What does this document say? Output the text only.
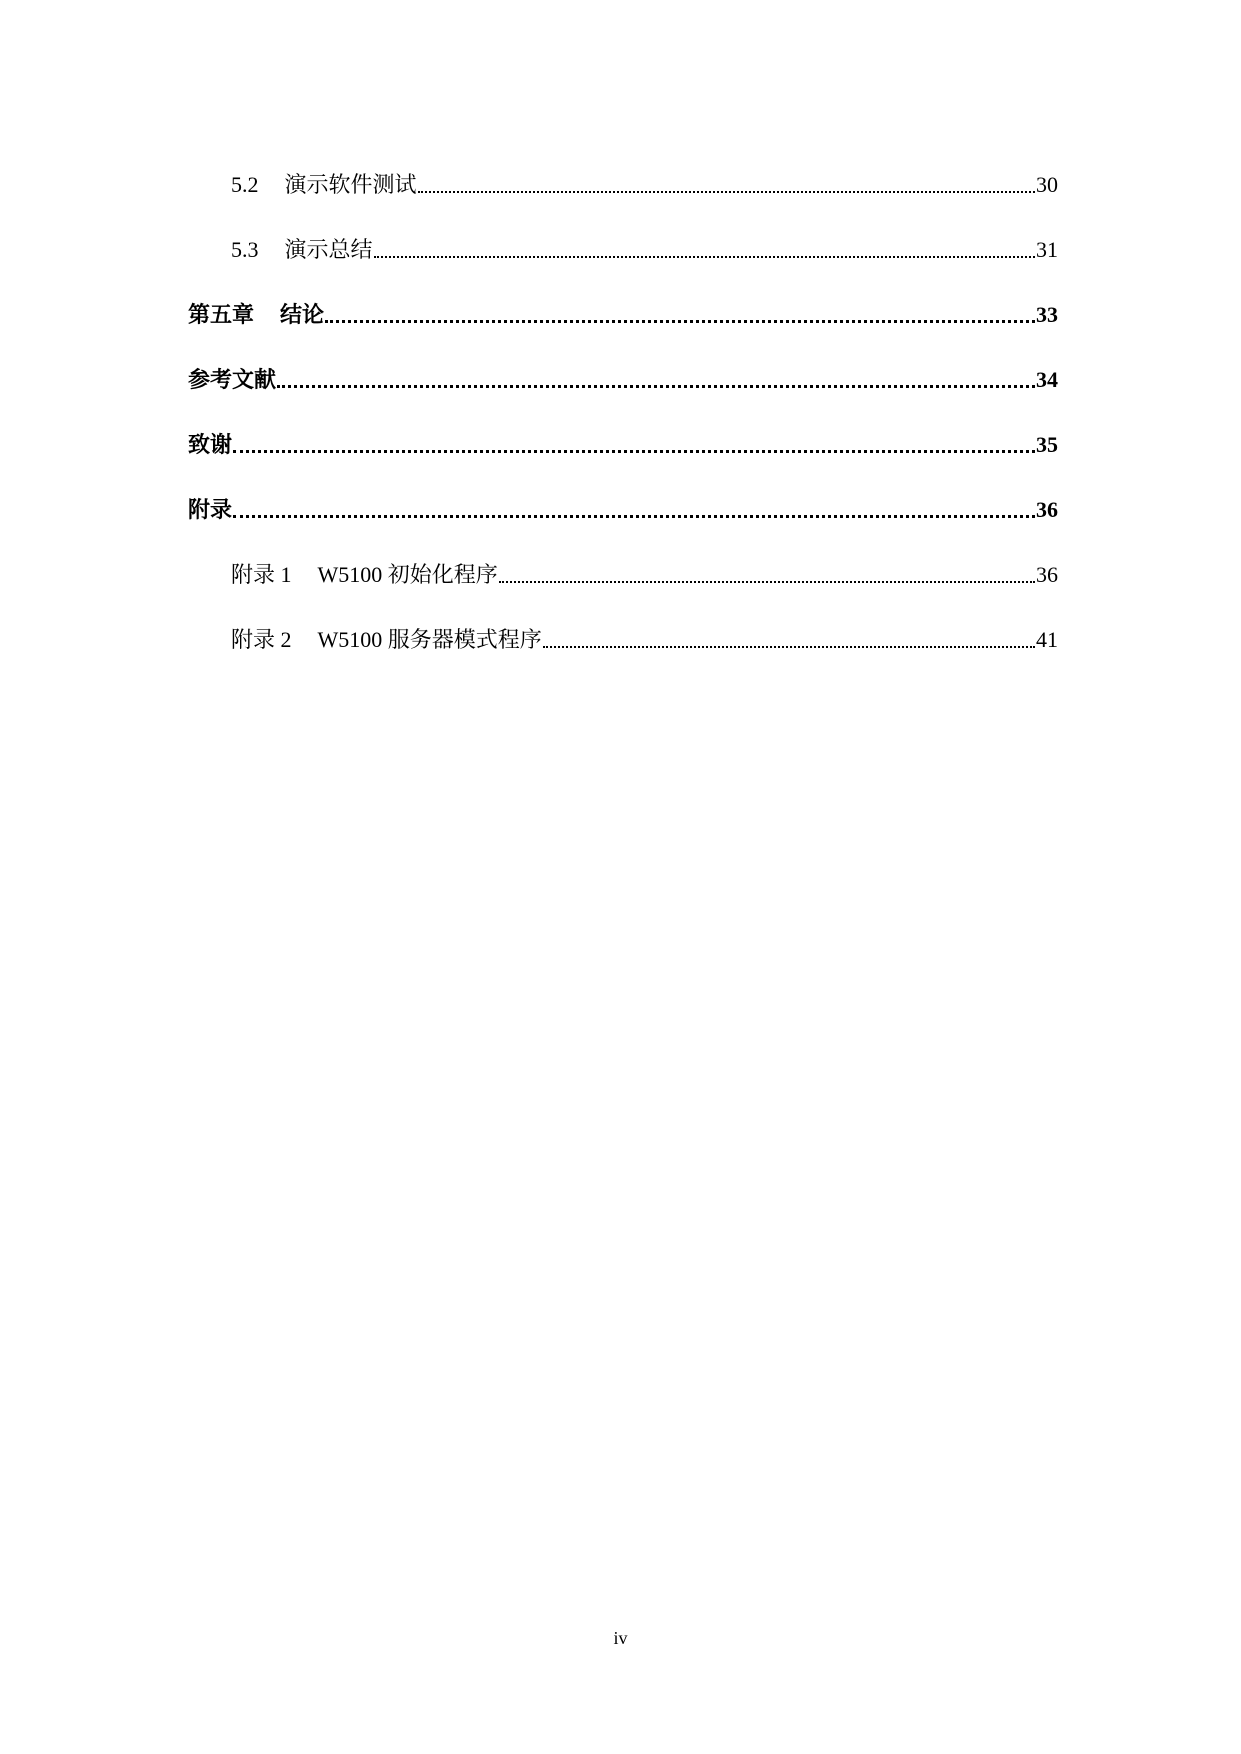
5.2 演示软件测试	30
5.3 演示总结	31
第五章 结论	33
参考文献	34
致谢	35
附录	36
附录 1 W5100 初始化程序	36
附录 2 W5100 服务器模式程序	41
iv
